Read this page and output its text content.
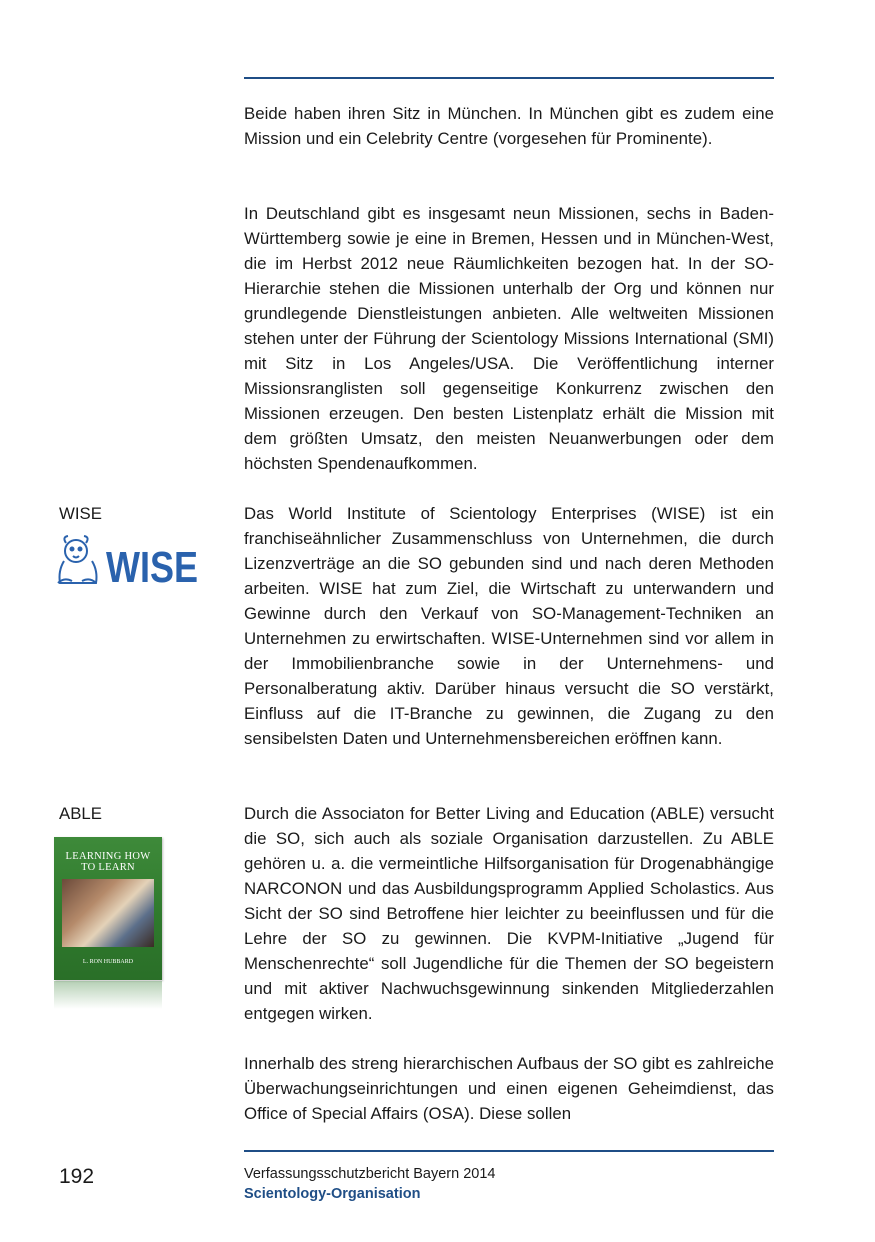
Beide haben ihren Sitz in München. In München gibt es zudem eine Mission und ein Celebrity Centre (vorgesehen für Prominente).

In Deutschland gibt es insgesamt neun Missionen, sechs in Baden-Württemberg sowie je eine in Bremen, Hessen und in München-West, die im Herbst 2012 neue Räumlichkeiten bezogen hat. In der SO-Hierarchie stehen die Missionen unterhalb der Org und können nur grundlegende Dienstleistungen anbieten. Alle weltweiten Missionen stehen unter der Führung der Scientology Missions International (SMI) mit Sitz in Los Angeles/USA. Die Veröffentlichung interner Missionsranglisten soll gegenseitige Konkurrenz zwischen den Missionen erzeugen. Den besten Listenplatz erhält die Mission mit dem größten Umsatz, den meisten Neuanwerbungen oder dem höchsten Spendenaufkommen.

WISE

WISE

Das World Institute of Scientology Enterprises (WISE) ist ein franchiseähnlicher Zusammenschluss von Unternehmen, die durch Lizenzverträge an die SO gebunden sind und nach deren Methoden arbeiten. WISE hat zum Ziel, die Wirtschaft zu unterwandern und Gewinne durch den Verkauf von SO-Management-Techniken an Unternehmen zu erwirtschaften. WISE-Unternehmen sind vor allem in der Immobilienbranche sowie in der Unternehmens- und Personalberatung aktiv. Darüber hinaus versucht die SO verstärkt, Einfluss auf die IT-Branche zu gewinnen, die Zugang zu den sensibelsten Daten und Unternehmensbereichen eröffnen kann.

ABLE

LEARNING HOW
TO LEARN
L. RON HUBBARD

Durch die Associaton for Better Living and Education (ABLE) versucht die SO, sich auch als soziale Organisation darzustellen. Zu ABLE gehören u. a. die vermeintliche Hilfsorganisation für Drogenabhängige NARCONON und das Ausbildungsprogramm Applied Scholastics. Aus Sicht der SO sind Betroffene hier leichter zu beeinflussen und für die Lehre der SO zu gewinnen. Die KVPM-Initiative „Jugend für Menschenrechte“ soll Jugendliche für die Themen der SO begeistern und mit aktiver Nachwuchsgewinnung sinkenden Mitgliederzahlen entgegen wirken.

Innerhalb des streng hierarchischen Aufbaus der SO gibt es zahlreiche Überwachungseinrichtungen und einen eigenen Geheimdienst, das Office of Special Affairs (OSA). Diese sollen

192	Verfassungsschutzbericht Bayern 2014

Scientology-Organisation
